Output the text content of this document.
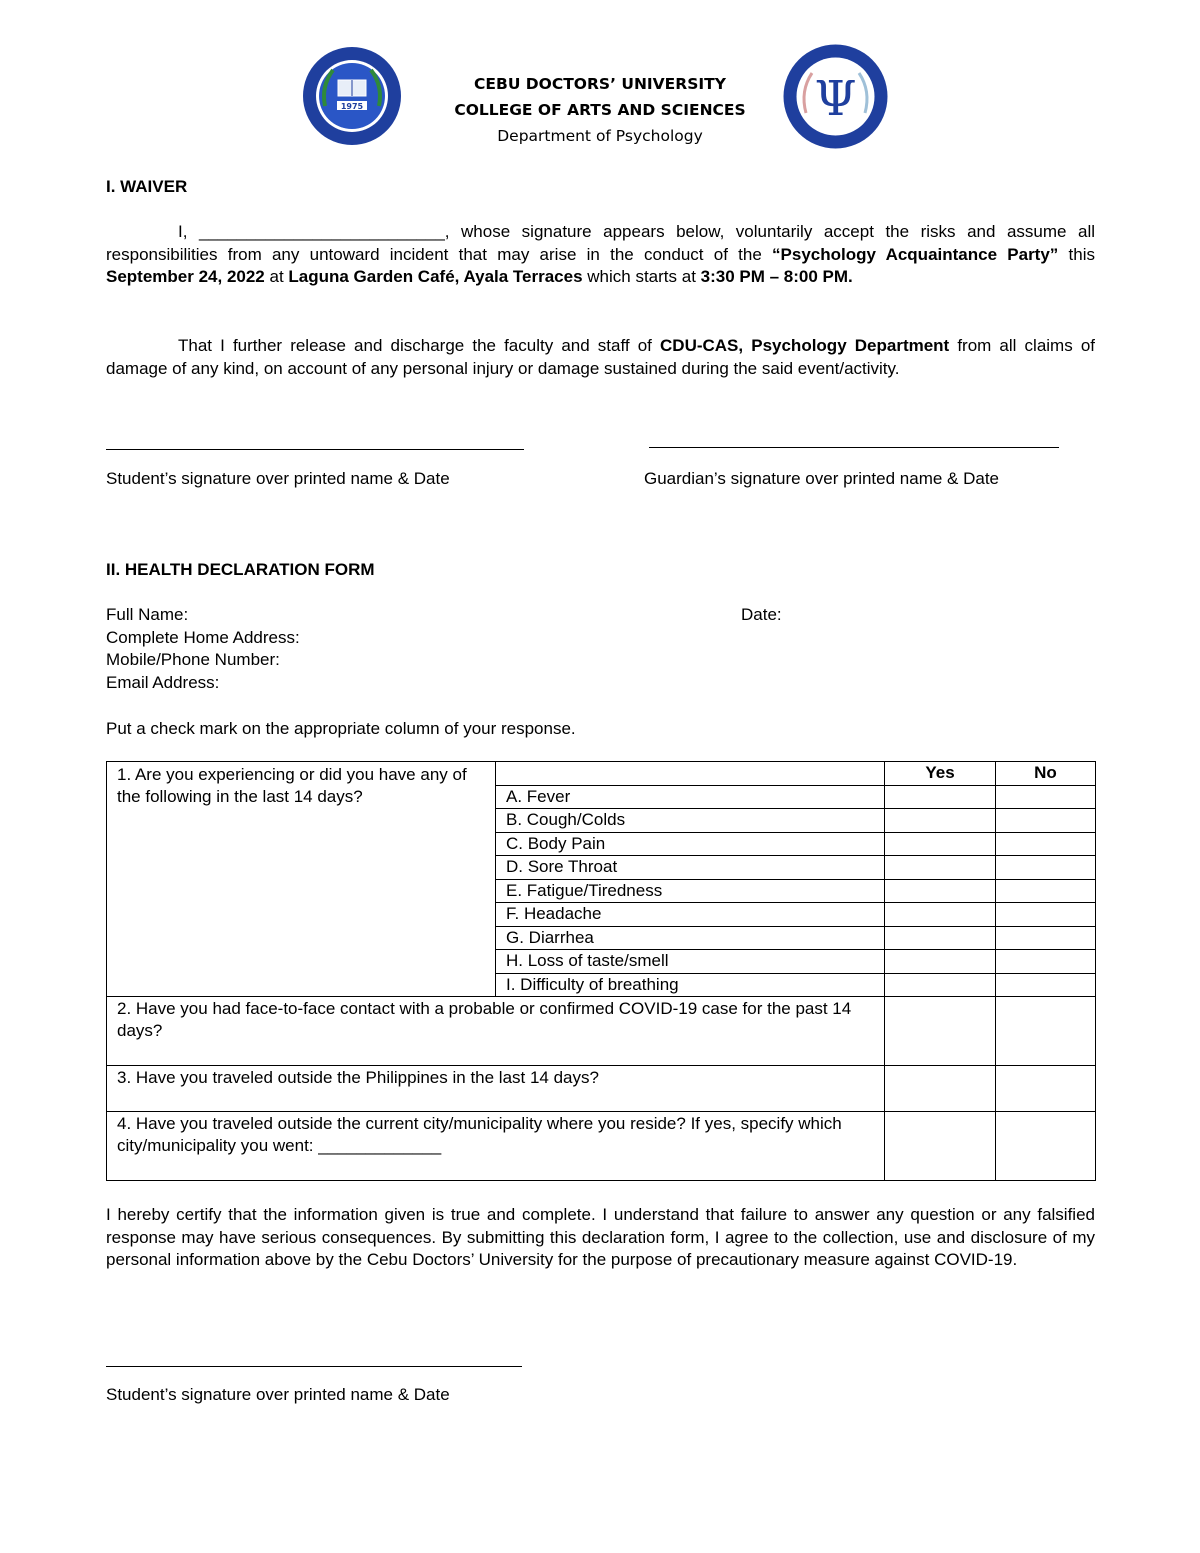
1975	Ψ
CEBU DOCTORS’ UNIVERSITY
COLLEGE OF ARTS AND SCIENCES
Department of Psychology
I. WAIVER
I, __________________________, whose signature appears below, voluntarily accept the risks and assume all responsibilities from any untoward incident that may arise in the conduct of the “Psychology Acquaintance Party” this September 24, 2022 at Laguna Garden Café, Ayala Terraces which starts at 3:30 PM – 8:00 PM.
That I further release and discharge the faculty and staff of CDU-CAS, Psychology Department from all claims of damage of any kind, on account of any personal injury or damage sustained during the said event/activity.
Student’s signature over printed name & Date	Guardian’s signature over printed name & Date
II. HEALTH DECLARATION FORM
Full Name:	Date:
Complete Home Address:
Mobile/Phone Number:
Email Address:
Put a check mark on the appropriate column of your response.
1. Are you experiencing or did you have any of the following in the last 14 days?		Yes	No
	A. Fever		
	B. Cough/Colds		
	C. Body Pain		
	D. Sore Throat		
	E. Fatigue/Tiredness		
	F. Headache		
	G. Diarrhea		
	H. Loss of taste/smell		
	I. Difficulty of breathing		
2. Have you had face-to-face contact with a probable or confirmed COVID-19 case for the past 14 days?			
3. Have you traveled outside the Philippines in the last 14 days?			
4. Have you traveled outside the current city/municipality where you reside? If yes, specify which city/municipality you went: _____________			
I hereby certify that the information given is true and complete. I understand that failure to answer any question or any falsified response may have serious consequences. By submitting this declaration form, I agree to the collection, use and disclosure of my personal information above by the Cebu Doctors’ University for the purpose of precautionary measure against COVID-19.
Student’s signature over printed name & Date
